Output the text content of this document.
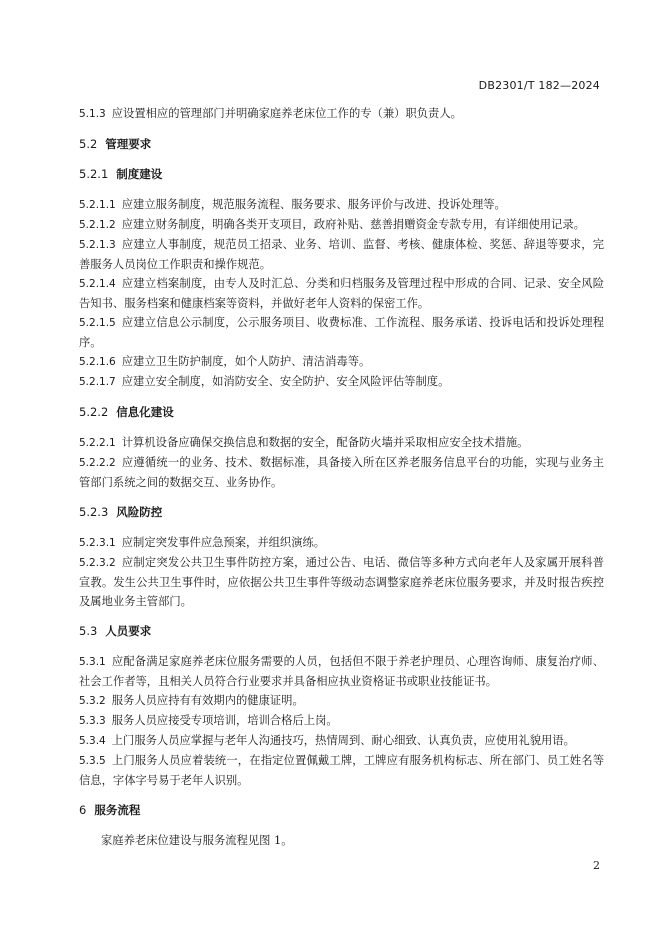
DB2301/T 182—2024

5.1.3 应设置相应的管理部门并明确家庭养老床位工作的专（兼）职负责人。

5.2 管理要求

5.2.1 制度建设

5.2.1.1 应建立服务制度，规范服务流程、服务要求、服务评价与改进、投诉处理等。

5.2.1.2 应建立财务制度，明确各类开支项目，政府补贴、慈善捐赠资金专款专用，有详细使用记录。

5.2.1.3 应建立人事制度，规范员工招录、业务、培训、监督、考核、健康体检、奖惩、辞退等要求，完善服务人员岗位工作职责和操作规范。

5.2.1.4 应建立档案制度，由专人及时汇总、分类和归档服务及管理过程中形成的合同、记录、安全风险告知书、服务档案和健康档案等资料，并做好老年人资料的保密工作。

5.2.1.5 应建立信息公示制度，公示服务项目、收费标准、工作流程、服务承诺、投诉电话和投诉处理程序。

5.2.1.6 应建立卫生防护制度，如个人防护、清洁消毒等。

5.2.1.7 应建立安全制度，如消防安全、安全防护、安全风险评估等制度。

5.2.2 信息化建设

5.2.2.1 计算机设备应确保交换信息和数据的安全，配备防火墙并采取相应安全技术措施。

5.2.2.2 应遵循统一的业务、技术、数据标准，具备接入所在区养老服务信息平台的功能，实现与业务主管部门系统之间的数据交互、业务协作。

5.2.3 风险防控

5.2.3.1 应制定突发事件应急预案，并组织演练。

5.2.3.2 应制定突发公共卫生事件防控方案，通过公告、电话、微信等多种方式向老年人及家属开展科普宣教。发生公共卫生事件时，应依据公共卫生事件等级动态调整家庭养老床位服务要求，并及时报告疾控及属地业务主管部门。

5.3 人员要求

5.3.1 应配备满足家庭养老床位服务需要的人员，包括但不限于养老护理员、心理咨询师、康复治疗师、社会工作者等，且相关人员符合行业要求并具备相应执业资格证书或职业技能证书。

5.3.2 服务人员应持有有效期内的健康证明。

5.3.3 服务人员应接受专项培训，培训合格后上岗。

5.3.4 上门服务人员应掌握与老年人沟通技巧，热情周到、耐心细致、认真负责，应使用礼貌用语。

5.3.5 上门服务人员应着装统一，在指定位置佩戴工牌，工牌应有服务机构标志、所在部门、员工姓名等信息，字体字号易于老年人识别。

6 服务流程

家庭养老床位建设与服务流程见图 1。

2
